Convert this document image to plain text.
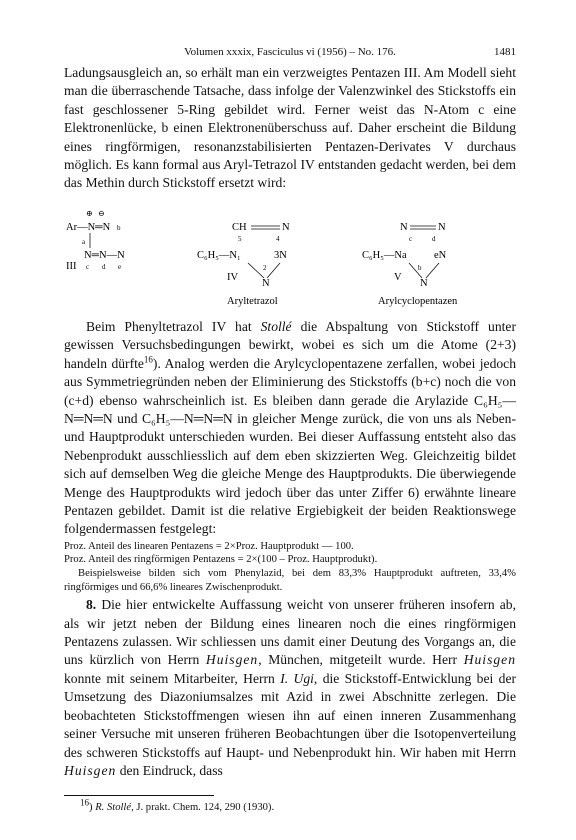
Volumen xxxix, Fasciculus vi (1956) – No. 176.	1481

Ladungsausgleich an, so erhält man ein verzweigtes Pentazen III. Am Modell sieht man die überraschende Tatsache, dass infolge der Valenzwinkel des Stickstoffs ein fast geschlossener 5-Ring gebildet wird. Ferner weist das N-Atom c eine Elektronenlücke, b einen Elektronenüberschuss auf. Daher erscheint die Bildung eines ringförmigen, resonanzstabilisierten Pentazen-Derivates V durchaus möglich. Es kann formal aus Aryl-Tetrazol IV entstanden gedacht werden, bei dem das Methin durch Stickstoff ersetzt wird:

⊕ ⊖
Ar—N═N b
a
N═N—N
III c d e
CH	N
5	4
C₆H₅—N₁	3N
2
IV
N
Aryltetrazol
N	N
c	d
C₆H₅—Na	eN
b
V
N
Arylcyclopentazen

Beim Phenyltetrazol IV hat Stollé die Abspaltung von Stickstoff unter gewissen Versuchsbedingungen bewirkt, wobei es sich um die Atome (2+3) handeln dürfte$^{16}$). Analog werden die Arylcyclopentazene zerfallen, wobei jedoch aus Symmetriegründen neben der Eliminierung des Stickstoffs (b+c) noch die von (c+d) ebenso wahrscheinlich ist. Es bleiben dann gerade die Arylazide C₆H₅—N═N═N und C₆H₅—N═N═N in gleicher Menge zurück, die von uns als Neben- und Hauptprodukt unterschieden wurden. Bei dieser Auffassung entsteht also das Nebenprodukt ausschliesslich auf dem eben skizzierten Weg. Gleichzeitig bildet sich auf demselben Weg die gleiche Menge des Hauptprodukts. Die überwiegende Menge des Hauptprodukts wird jedoch über das unter Ziffer 6) erwähnte lineare Pentazen gebildet. Damit ist die relative Ergiebigkeit der beiden Reaktionswege folgendermassen festgelegt:

Proz. Anteil des linearen Pentazens = 2×Proz. Hauptprodukt — 100.

Proz. Anteil des ringförmigen Pentazens = 2×(100 – Proz. Hauptprodukt).

Beispielsweise bilden sich vom Phenylazid, bei dem 83,3% Hauptprodukt auftreten, 33,4% ringförmiges und 66,6% lineares Zwischenprodukt.

8. Die hier entwickelte Auffassung weicht von unserer früheren insofern ab, als wir jetzt neben der Bildung eines linearen noch die eines ringförmigen Pentazens zulassen. Wir schliessen uns damit einer Deutung des Vorgangs an, die uns kürzlich von Herrn Huisgen, München, mitgeteilt wurde. Herr Huisgen konnte mit seinem Mitarbeiter, Herrn I. Ugi, die Stickstoff-Entwicklung bei der Umsetzung des Diazoniumsalzes mit Azid in zwei Abschnitte zerlegen. Die beobachteten Stickstoffmengen wiesen ihn auf einen inneren Zusammenhang seiner Versuche mit unseren früheren Beobachtungen über die Isotopenverteilung des schweren Stickstoffs auf Haupt- und Nebenprodukt hin. Wir haben mit Herrn Huisgen den Eindruck, dass

$^{16}$) R. Stollé, J. prakt. Chem. 124, 290 (1930).
